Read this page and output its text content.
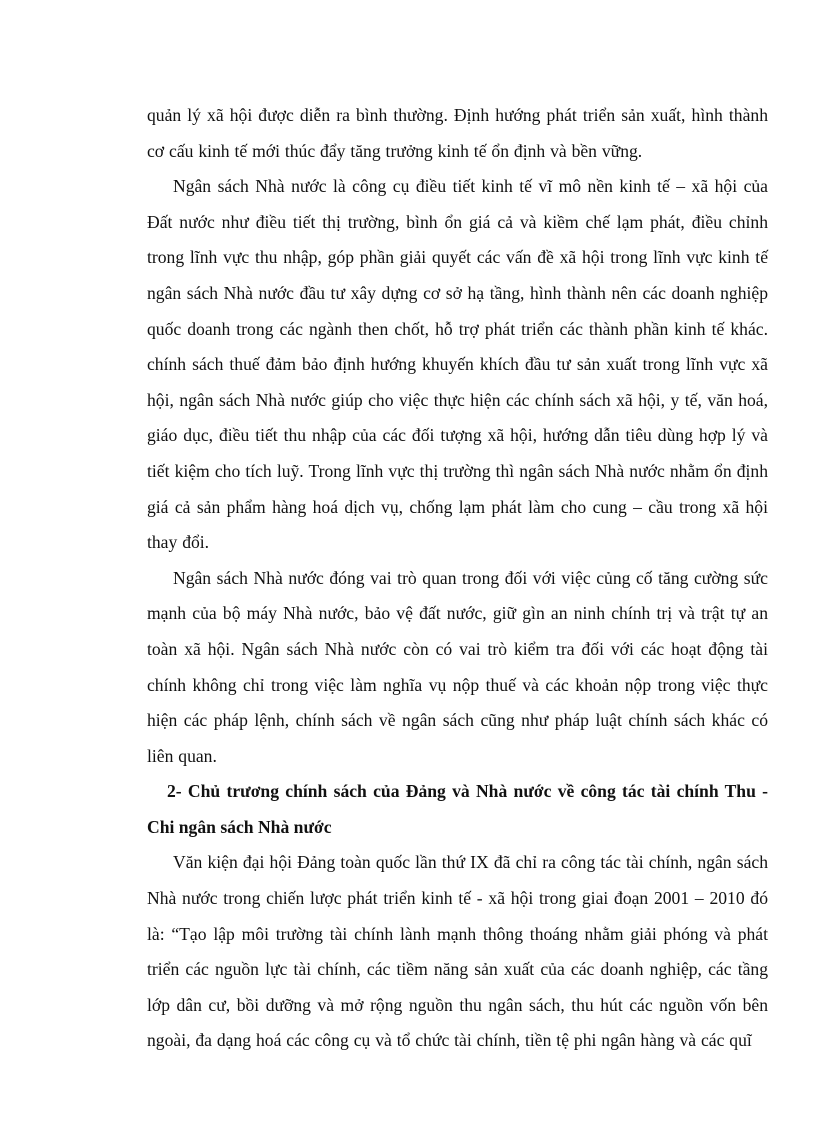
quản lý xã hội được diễn ra bình thường. Định hướng phát triển sản xuất, hình thành cơ cấu kinh tế mới thúc đẩy tăng trưởng kinh tế ổn định và bền vững.

Ngân sách Nhà nước là công cụ điều tiết kinh tế vĩ mô nền kinh tế – xã hội của Đất nước như điều tiết thị trường, bình ổn giá cả và kiềm chế lạm phát, điều chỉnh trong lĩnh vực thu nhập, góp phần giải quyết các vấn đề xã hội trong lĩnh vực kinh tế ngân sách Nhà nước đầu tư xây dựng cơ sở hạ tầng, hình thành nên các doanh nghiệp quốc doanh trong các ngành then chốt, hỗ trợ phát triển các thành phần kinh tế khác. chính sách thuế đảm bảo định hướng khuyến khích đầu tư sản xuất trong lĩnh vực xã hội, ngân sách Nhà nước giúp cho việc thực hiện các chính sách xã hội, y tế, văn hoá, giáo dục, điều tiết thu nhập của các đối tượng xã hội, hướng dẫn tiêu dùng hợp lý và tiết kiệm cho tích luỹ. Trong lĩnh vực thị trường thì ngân sách Nhà nước nhằm ổn định giá cả sản phẩm hàng hoá dịch vụ, chống lạm phát làm cho cung – cầu trong xã hội thay đổi.

Ngân sách Nhà nước đóng vai trò quan trong đối với việc củng cố tăng cường sức mạnh của bộ máy Nhà nước, bảo vệ đất nước, giữ gìn an ninh chính trị và trật tự an toàn xã hội. Ngân sách Nhà nước còn có vai trò kiểm tra đối với các hoạt động tài chính không chỉ trong việc làm nghĩa vụ nộp thuế và các khoản nộp trong việc thực hiện các pháp lệnh, chính sách về ngân sách cũng như pháp luật chính sách khác có liên quan.

2- Chủ trương chính sách của Đảng và Nhà nước về công tác tài chính Thu - Chi ngân sách Nhà nước

Văn kiện đại hội Đảng toàn quốc lần thứ IX đã chỉ ra công tác tài chính, ngân sách Nhà nước trong chiến lược phát triển kinh tế - xã hội trong giai đoạn 2001 – 2010 đó là: “Tạo lập môi trường tài chính lành mạnh thông thoáng nhằm giải phóng và phát triển các nguồn lực tài chính, các tiềm năng sản xuất của các doanh nghiệp, các tầng lớp dân cư, bồi dưỡng và mở rộng nguồn thu ngân sách, thu hút các nguồn vốn bên ngoài, đa dạng hoá các công cụ và tổ chức tài chính, tiền tệ phi ngân hàng và các quĩ
